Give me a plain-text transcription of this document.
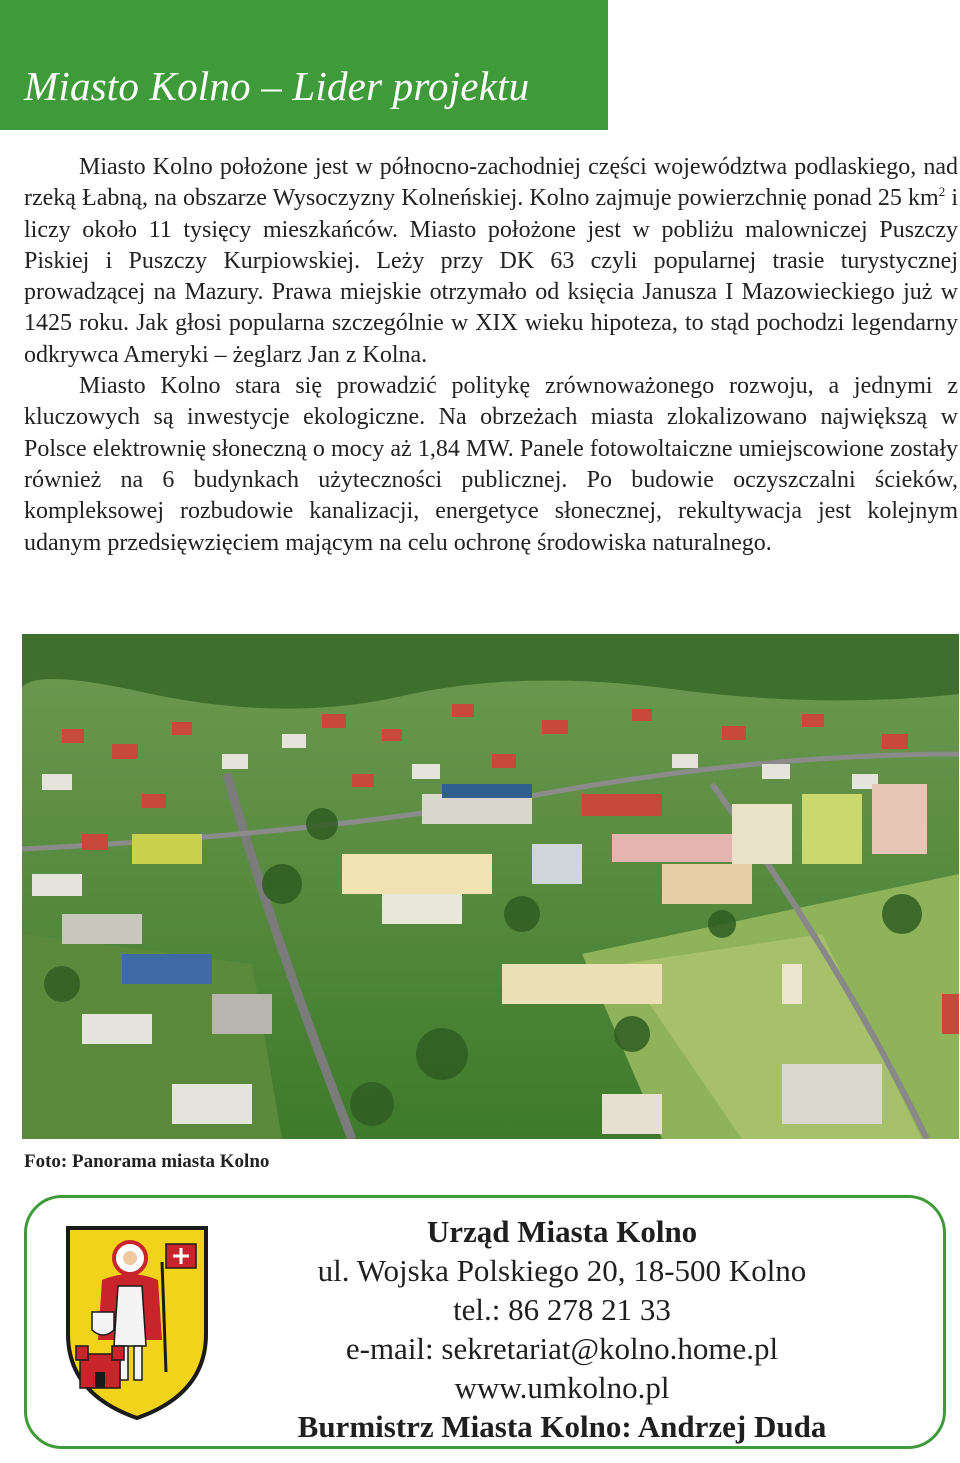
Miasto Kolno – Lider projektu

Miasto Kolno położone jest w północno-zachodniej części województwa podlaskiego, nad rzeką Łabną, na obszarze Wysoczyzny Kolneńskiej. Kolno zajmuje powierzchnię ponad 25 $km^2$ i liczy około 11 tysięcy mieszkańców. Miasto położone jest w pobliżu malowniczej Puszczy Piskiej i Puszczy Kurpiowskiej. Leży przy DK 63 czyli popularnej trasie turystycznej prowadzącej na Mazury. Prawa miejskie otrzymało od księcia Janusza I Mazowieckiego już w 1425 roku. Jak głosi popularna szczególnie w XIX wieku hipoteza, to stąd pochodzi legendarny odkrywca Ameryki – żeglarz Jan z Kolna.

Miasto Kolno stara się prowadzić politykę zrównoważonego rozwoju, a jednymi z kluczowych są inwestycje ekologiczne. Na obrzeżach miasta zlokalizowano największą w Polsce elektrownię słoneczną o mocy aż 1,84 MW. Panele fotowoltaiczne umiejscowione zostały również na 6 budynkach użyteczności publicznej. Po budowie oczyszczalni ścieków, kompleksowej rozbudowie kanalizacji, energetyce słonecznej, rekultywacja jest kolejnym udanym przedsięwzięciem mającym na celu ochronę środowiska naturalnego.

Foto: Panorama miasta Kolno
Urząd Miasta Kolno
ul. Wojska Polskiego 20, 18-500 Kolno
tel.: 86 278 21 33
e-mail: sekretariat@kolno.home.pl
www.umkolno.pl
Burmistrz Miasta Kolno: Andrzej Duda
